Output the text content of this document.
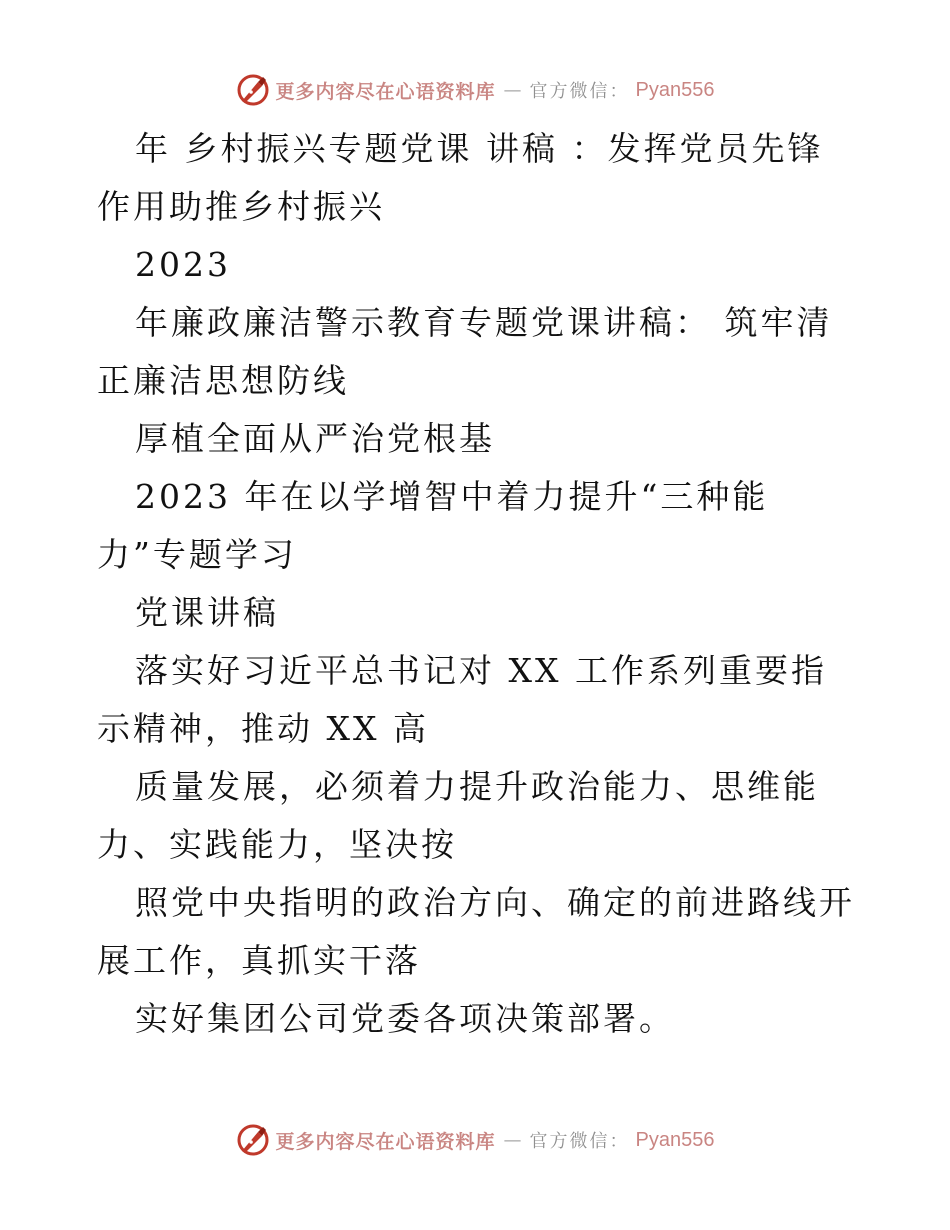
更多内容尽在心语资料库 — 官方微信： Pyan556

年 乡村振兴专题党课 讲稿 ：发挥党员先锋作用助推乡村振兴

2023

年廉政廉洁警示教育专题党课讲稿： 筑牢清正廉洁思想防线

厚植全面从严治党根基

2023 年在以学增智中着力提升“三种能力”专题学习

党课讲稿

落实好习近平总书记对 XX 工作系列重要指示精神，推动 XX 高

质量发展，必须着力提升政治能力、思维能力、实践能力，坚决按

照党中央指明的政治方向、确定的前进路线开展工作，真抓实干落

实好集团公司党委各项决策部署。

更多内容尽在心语资料库 — 官方微信： Pyan556
